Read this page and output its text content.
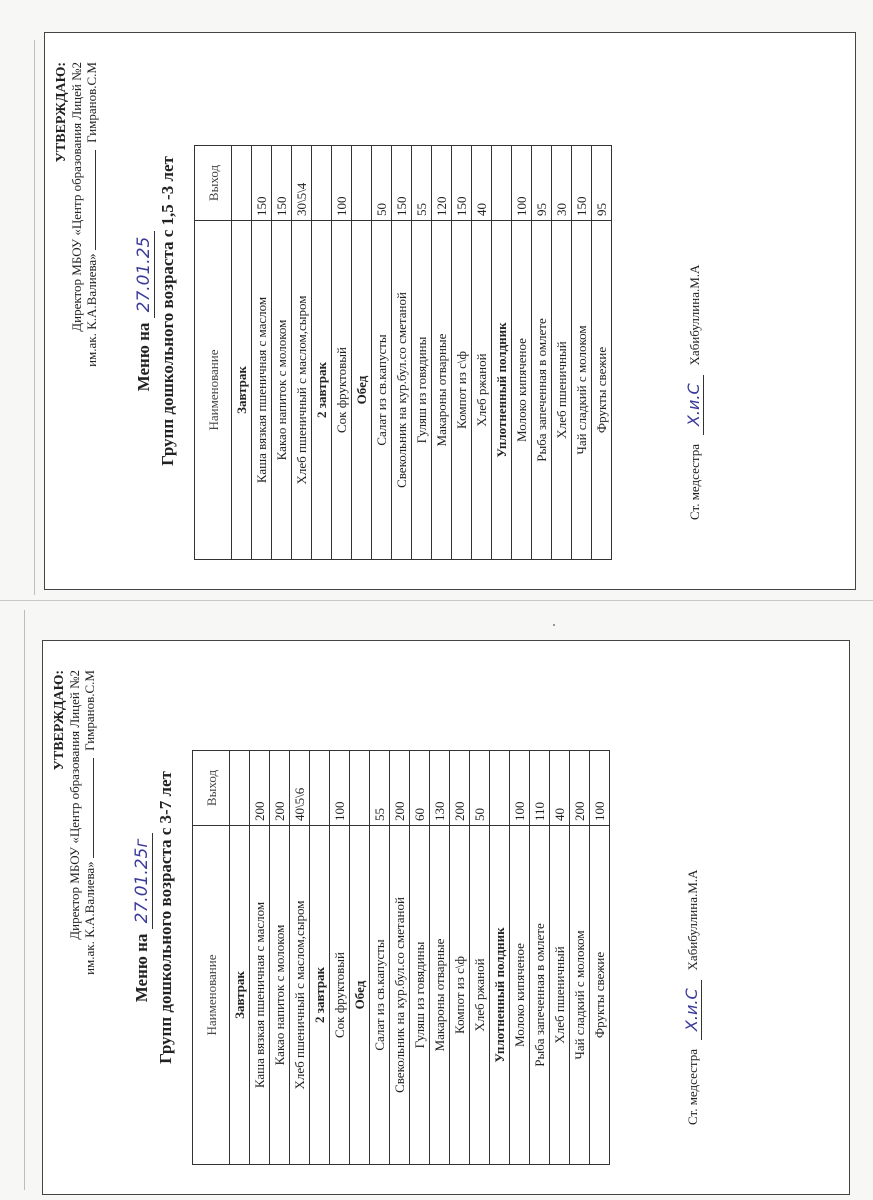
УТВЕРЖДАЮ: Директор МБОУ «Центр образования Лицей №2 им.ак. К.А.Валиева»  Гимранов.С.М
Меню на 27.01.25 Групп дошкольного возраста с 1,5 -3 лет Наименование	Выход
Завтрак	
Каша вязкая пшеничная с маслом	150
Какао напиток с молоком	150
Хлеб пшеничный с маслом,сыром	30\5\4
2 завтрак	
Сок фруктовый	100
Обед	
Салат из св.капусты	50
Свекольник на кур.бул.со сметаной	150
Гуляш из говядины	55
Макароны отварные	120
Компот из с\ф	150
Хлеб ржаной	40
Уплотненный полдник	
Молоко кипяченое	100
Рыба запеченная в омлете	95
Хлеб пшеничный	30
Чай сладкий с молоком	150
Фрукты свежие	95
Ст. медсестра Х.и.С Хабибуллина.М.А
УТВЕРЖДАЮ: Директор МБОУ «Центр образования Лицей №2 им.ак. К.А.Валиева»  Гимранов.С.М
Меню на 27.01.25г Групп дошкольного возраста с 3-7 лет Наименование	Выход
Завтрак	
Каша вязкая пшеничная с маслом	200
Какао напиток с молоком	200
Хлеб пшеничный с маслом,сыром	40\5\6
2 завтрак	
Сок фруктовый	100
Обед	
Салат из св.капусты	55
Свекольник на кур.бул.со сметаной	200
Гуляш из говядины	60
Макароны отварные	130
Компот из с\ф	200
Хлеб ржаной	50
Уплотненный полдник	
Молоко кипяченое	100
Рыба запеченная в омлете	110
Хлеб пшеничный	40
Чай сладкий с молоком	200
Фрукты свежие	100
Ст. медсестра Х.и.С Хабибуллина.М.А
